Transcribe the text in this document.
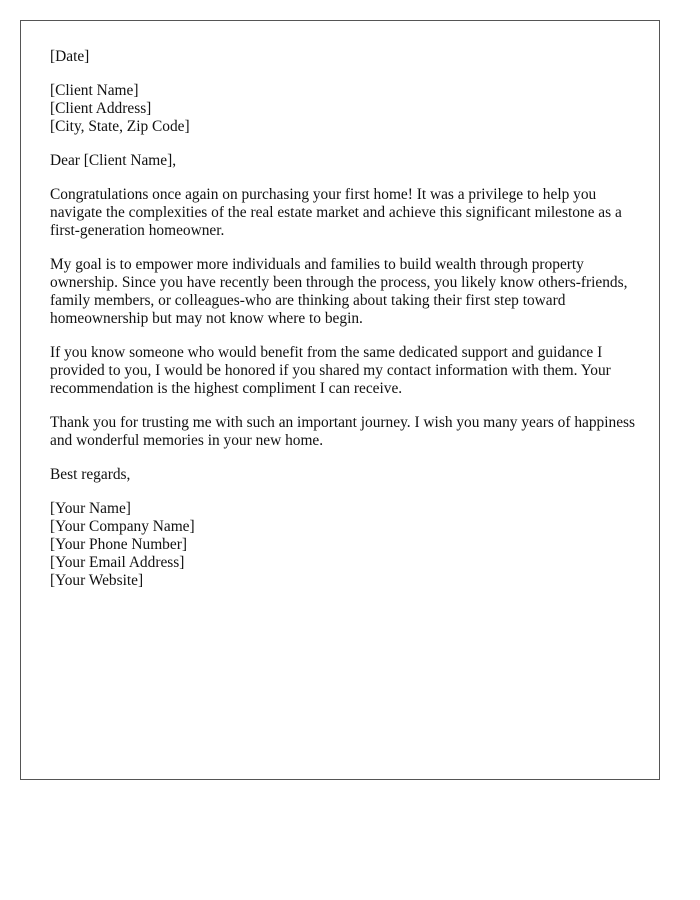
[Date]
[Client Name]
[Client Address]
[City, State, Zip Code]
Dear [Client Name],

Congratulations once again on purchasing your first home! It was a privilege to help you navigate the complexities of the real estate market and achieve this significant milestone as a first-generation homeowner.

My goal is to empower more individuals and families to build wealth through property ownership. Since you have recently been through the process, you likely know others-friends, family members, or colleagues-who are thinking about taking their first step toward homeownership but may not know where to begin.

If you know someone who would benefit from the same dedicated support and guidance I provided to you, I would be honored if you shared my contact information with them. Your recommendation is the highest compliment I can receive.

Thank you for trusting me with such an important journey. I wish you many years of happiness and wonderful memories in your new home.

Best regards,
[Your Name]
[Your Company Name]
[Your Phone Number]
[Your Email Address]
[Your Website]
